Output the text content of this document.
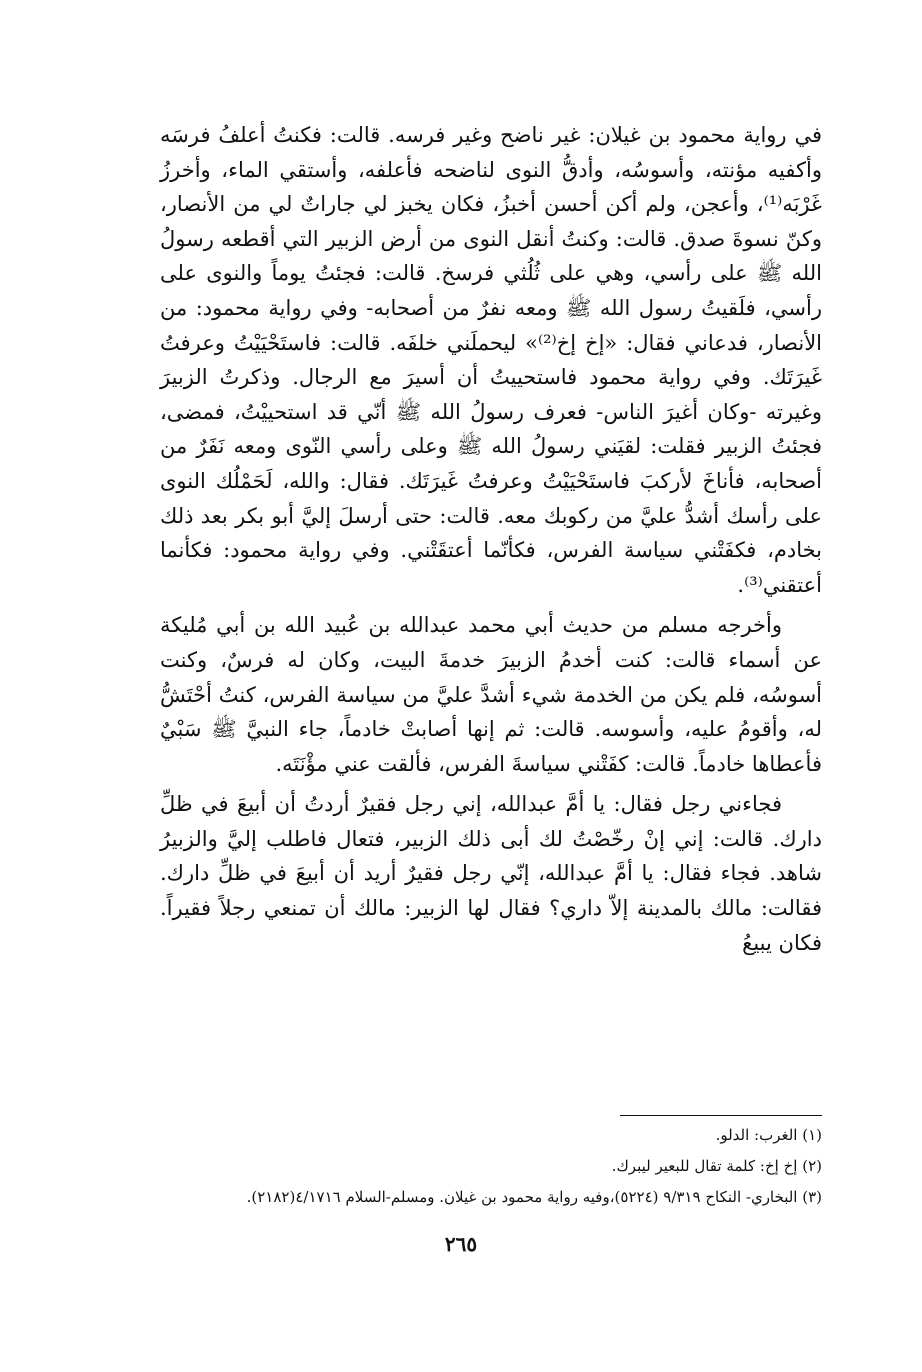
في رواية محمود بن غيلان: غير ناضح وغير فرسه. قالت: فكنتُ أعلفُ فرسَه وأكفيه مؤنته، وأسوسُه، وأدقُّ النوى لناضحه فأعلفه، وأستقي الماء، وأخرزُ غَرْبَه⁽¹⁾، وأعجن، ولم أكن أحسن أخبزُ، فكان يخبز لي جاراتٌ لي من الأنصار، وكنّ نسوةَ صدق. قالت: وكنتُ أنقل النوى من أرض الزبير التي أقطعه رسولُ الله ﷺ على رأسي، وهي على ثُلُثي فرسخ. قالت: فجئتُ يوماً والنوى على رأسي، فلَقيتُ رسول الله ﷺ ومعه نفرٌ من أصحابه- وفي رواية محمود: من الأنصار، فدعاني فقال: «إخ إخ⁽²⁾» ليحملَني خلفَه. قالت: فاستَحْيَيْتُ وعرفتُ غَيرَتَك. وفي رواية محمود فاستحييتُ أن أسيرَ مع الرجال. وذكرتُ الزبيرَ وغيرته -وكان أغيرَ الناس- فعرف رسولُ الله ﷺ أنّي قد استحييْتُ، فمضى، فجئتُ الزبير فقلت: لقيَني رسولُ الله ﷺ وعلى رأسي النّوى ومعه نَفَرٌ من أصحابه، فأناخَ لأركبَ فاستَحْيَيْتُ وعرفتُ غَيرَتَك. فقال: والله، لَحَمْلُك النوى على رأسك أشدُّ عليَّ من ركوبك معه. قالت: حتى أرسلَ إليَّ أبو بكر بعد ذلك بخادم، فكفَتْني سياسة الفرس، فكأنّما أعتقَتْني. وفي رواية محمود: فكأنما أعتقني⁽³⁾.

وأخرجه مسلم من حديث أبي محمد عبدالله بن عُبيد الله بن أبي مُليكة عن أسماء قالت: كنت أخدمُ الزبيرَ خدمةَ البيت، وكان له فرسٌ، وكنت أسوسُه، فلم يكن من الخدمة شيء أشدَّ عليَّ من سياسة الفرس، كنتُ أحْتَشُّ له، وأقومُ عليه، وأسوسه. قالت: ثم إنها أصابتْ خادماً، جاء النبيَّ ﷺ سَبْيٌ فأعطاها خادماً. قالت: كفَتْني سياسةَ الفرس، فألقت عني مؤْنَتَه.

فجاءني رجل فقال: يا أمَّ عبدالله، إني رجل فقيرٌ أردتُ أن أبيعَ في ظلِّ دارك. قالت: إني إنْ رخّصْتُ لك أبى ذلك الزبير، فتعال فاطلب إليَّ والزبيرُ شاهد. فجاء فقال: يا أمَّ عبدالله، إنّي رجل فقيرٌ أريد أن أبيعَ في ظلِّ دارك. فقالت: مالك بالمدينة إلاّ داري؟ فقال لها الزبير: مالك أن تمنعي رجلاً فقيراً. فكان يبيعُ

(١) الغرب: الدلو.
(٢) إخ إخ: كلمة تقال للبعير ليبرك.
(٣) البخاري- النكاح ٩/٣١٩ (٥٢٢٤)،وفيه رواية محمود بن غيلان. ومسلم-السلام ٤/١٧١٦(٢١٨٢).
٢٦٥
